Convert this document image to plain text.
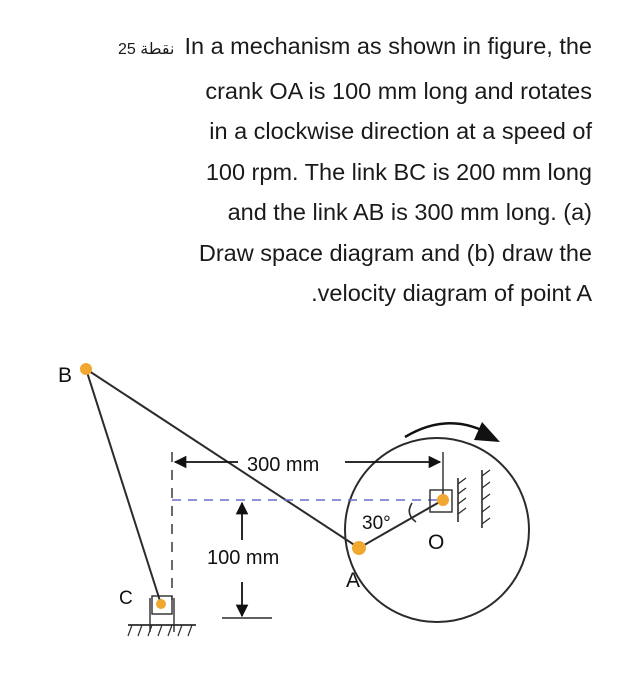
نقطة 25 In a mechanism as shown in figure, the
crank OA is 100 mm long and rotates
in a clockwise direction at a speed of
100 rpm. The link BC is 200 mm long
and the link AB is 300 mm long. (a)
Draw space diagram and (b) draw the
.velocity diagram of point A
300 mm
100 mm
30°
B
C
A
O
